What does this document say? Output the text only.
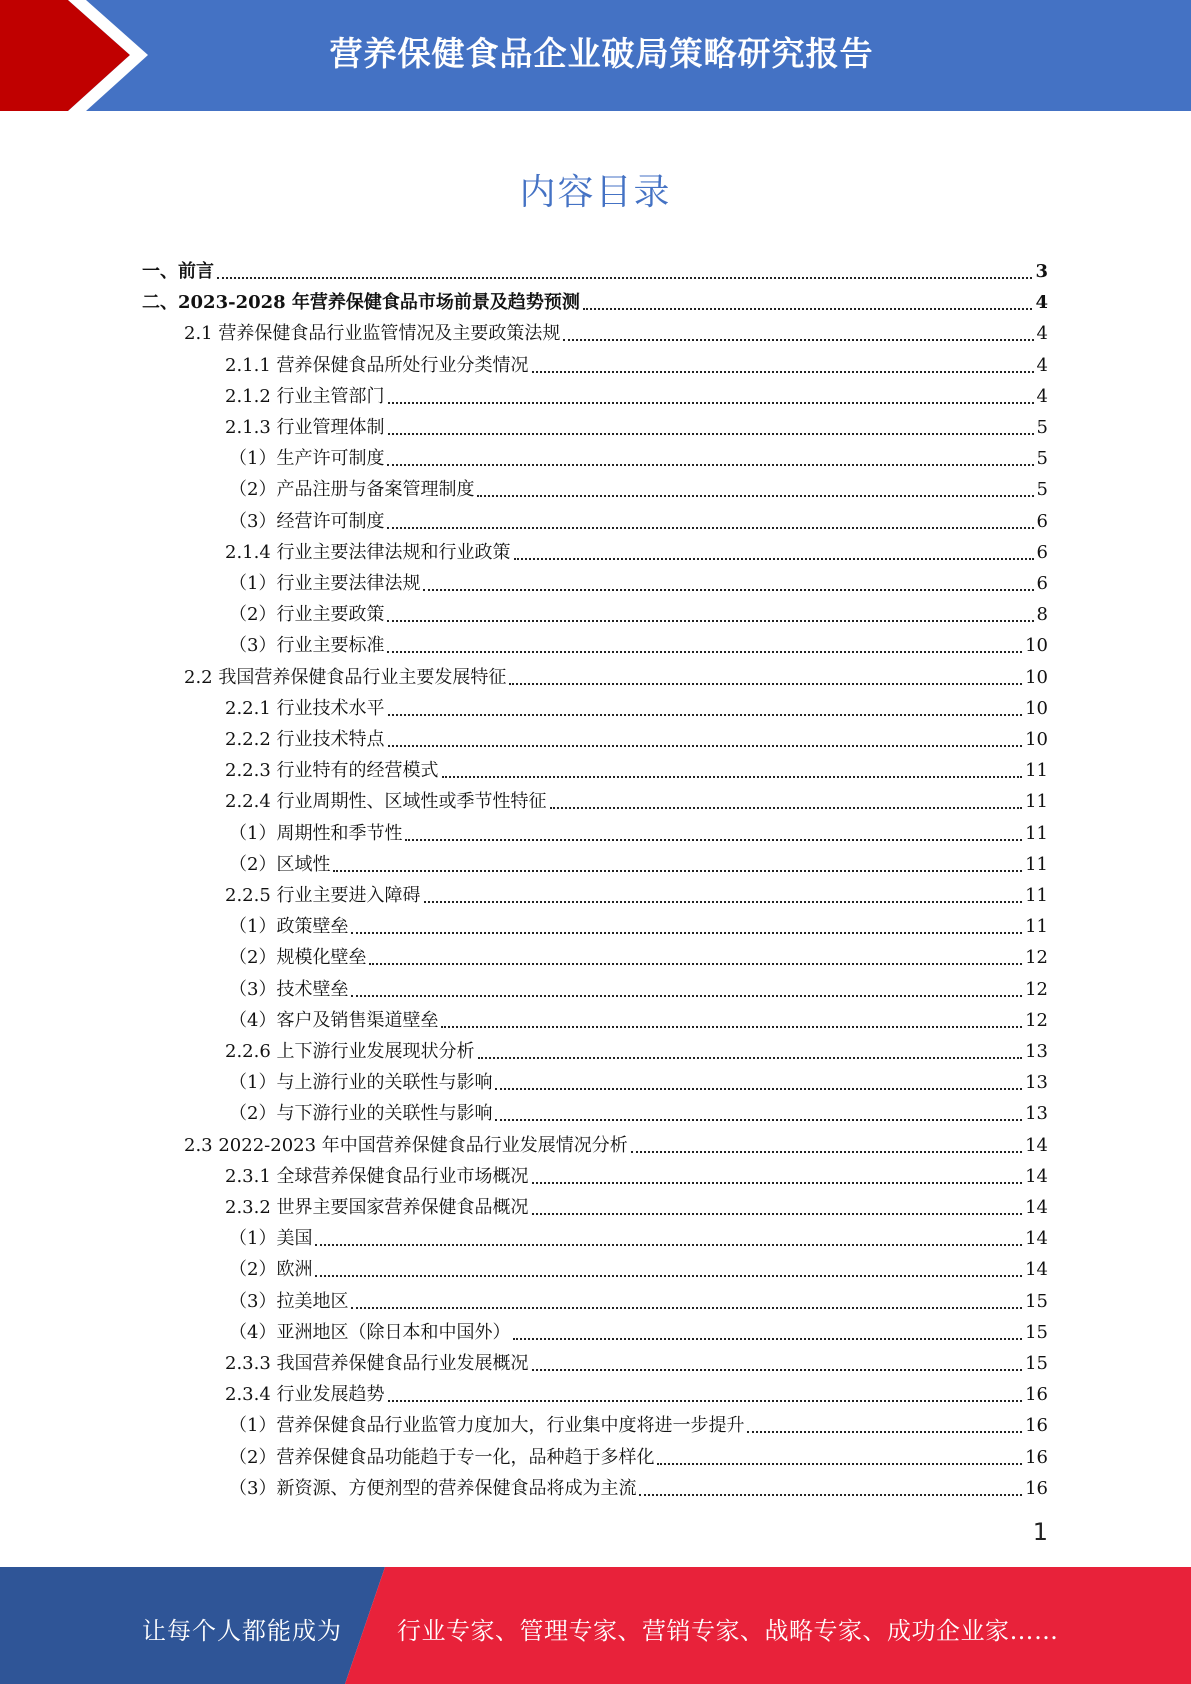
营养保健食品企业破局策略研究报告
内容目录
一、前言	3
二、2023-2028 年营养保健食品市场前景及趋势预测	4
2.1 营养保健食品行业监管情况及主要政策法规	4
2.1.1 营养保健食品所处行业分类情况	4
2.1.2 行业主管部门	4
2.1.3 行业管理体制	5
（1）生产许可制度	5
（2）产品注册与备案管理制度	5
（3）经营许可制度	6
2.1.4 行业主要法律法规和行业政策	6
（1）行业主要法律法规	6
（2）行业主要政策	8
（3）行业主要标准	10
2.2 我国营养保健食品行业主要发展特征	10
2.2.1 行业技术水平	10
2.2.2 行业技术特点	10
2.2.3 行业特有的经营模式	11
2.2.4 行业周期性、区域性或季节性特征	11
（1）周期性和季节性	11
（2）区域性	11
2.2.5 行业主要进入障碍	11
（1）政策壁垒	11
（2）规模化壁垒	12
（3）技术壁垒	12
（4）客户及销售渠道壁垒	12
2.2.6 上下游行业发展现状分析	13
（1）与上游行业的关联性与影响	13
（2）与下游行业的关联性与影响	13
2.3 2022-2023 年中国营养保健食品行业发展情况分析	14
2.3.1 全球营养保健食品行业市场概况	14
2.3.2 世界主要国家营养保健食品概况	14
（1）美国	14
（2）欧洲	14
（3）拉美地区	15
（4）亚洲地区（除日本和中国外）	15
2.3.3 我国营养保健食品行业发展概况	15
2.3.4 行业发展趋势	16
（1）营养保健食品行业监管力度加大，行业集中度将进一步提升	16
（2）营养保健食品功能趋于专一化，品种趋于多样化	16
（3）新资源、方便剂型的营养保健食品将成为主流	16
1
让每个人都能成为 行业专家、管理专家、营销专家、战略专家、成功企业家……
